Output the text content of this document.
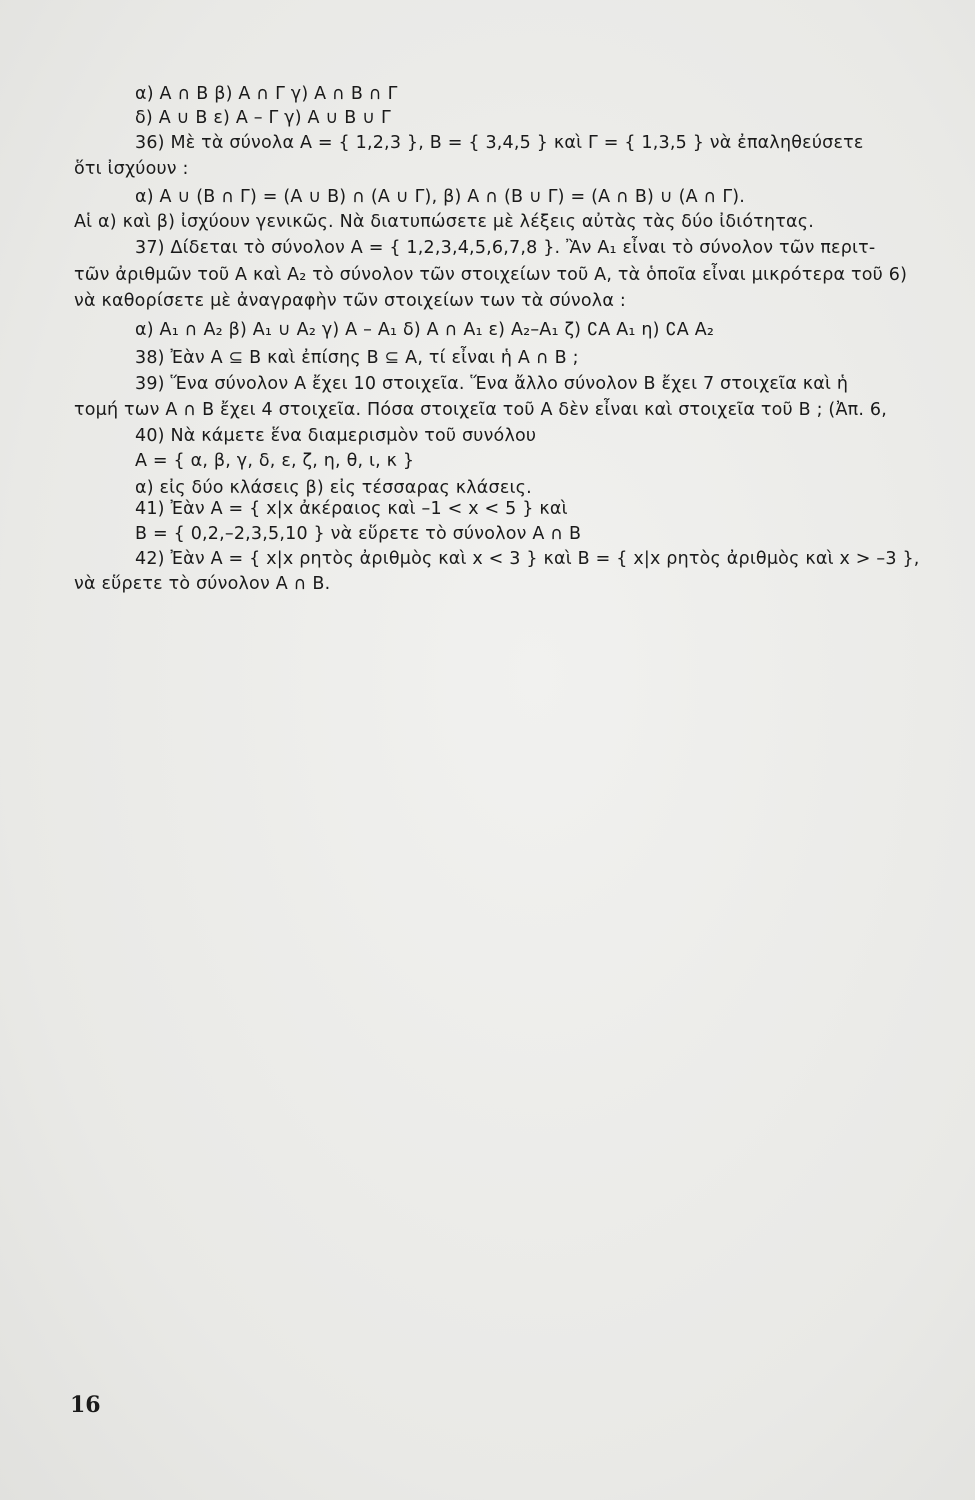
α) A ∩ B β) A ∩ Γ γ) A ∩ B ∩ Γ
δ) A ∪ B ε) A – Γ γ) A ∪ B ∪ Γ
36) Μὲ τὰ σύνολα A = { 1,2,3 }, B = { 3,4,5 } καὶ Γ = { 1,3,5 } νὰ ἐπαληθεύσετε
ὅτι ἰσχύουν :
α) A ∪ (B ∩ Γ) = (A ∪ B) ∩ (A ∪ Γ), β) A ∩ (B ∪ Γ) = (A ∩ B) ∪ (A ∩ Γ).
Αἱ α) καὶ β) ἰσχύουν γενικῶς. Νὰ διατυπώσετε μὲ λέξεις αὐτὰς τὰς δύο ἰδιότητας.
37) Δίδεται τὸ σύνολον A = { 1,2,3,4,5,6,7,8 }. Ἂν A₁ εἶναι τὸ σύνολον τῶν περιτ-
τῶν ἀριθμῶν τοῦ A καὶ A₂ τὸ σύνολον τῶν στοιχείων τοῦ A, τὰ ὁποῖα εἶναι μικρότερα τοῦ 6)
νὰ καθορίσετε μὲ ἀναγραφὴν τῶν στοιχείων των τὰ σύνολα :
α) A₁ ∩ A₂ β) A₁ ∪ A₂ γ) A – A₁ δ) A ∩ A₁ ε) A₂–A₁ ζ) ∁A A₁ η) ∁A A₂
38) Ἐὰν A ⊆ B καὶ ἐπίσης B ⊆ A, τί εἶναι ἡ A ∩ B ;
39) Ἕνα σύνολον A ἔχει 10 στοιχεῖα. Ἕνα ἄλλο σύνολον B ἔχει 7 στοιχεῖα καὶ ἡ
τομή των A ∩ B ἔχει 4 στοιχεῖα. Πόσα στοιχεῖα τοῦ A δὲν εἶναι καὶ στοιχεῖα τοῦ B ; (Ἀπ. 6,
40) Νὰ κάμετε ἕνα διαμερισμὸν τοῦ συνόλου
A = { α, β, γ, δ, ε, ζ, η, θ, ι, κ }
α) εἰς δύο κλάσεις β) εἰς τέσσαρας κλάσεις.
41) Ἐὰν A = { x|x ἀκέραιος καὶ –1 < x < 5 } καὶ
B = { 0,2,–2,3,5,10 } νὰ εὕρετε τὸ σύνολον A ∩ B
42) Ἐὰν A = { x|x ρητὸς ἀριθμὸς καὶ x < 3 } καὶ B = { x|x ρητὸς ἀριθμὸς καὶ x > –3 },
νὰ εὕρετε τὸ σύνολον A ∩ B.
16
